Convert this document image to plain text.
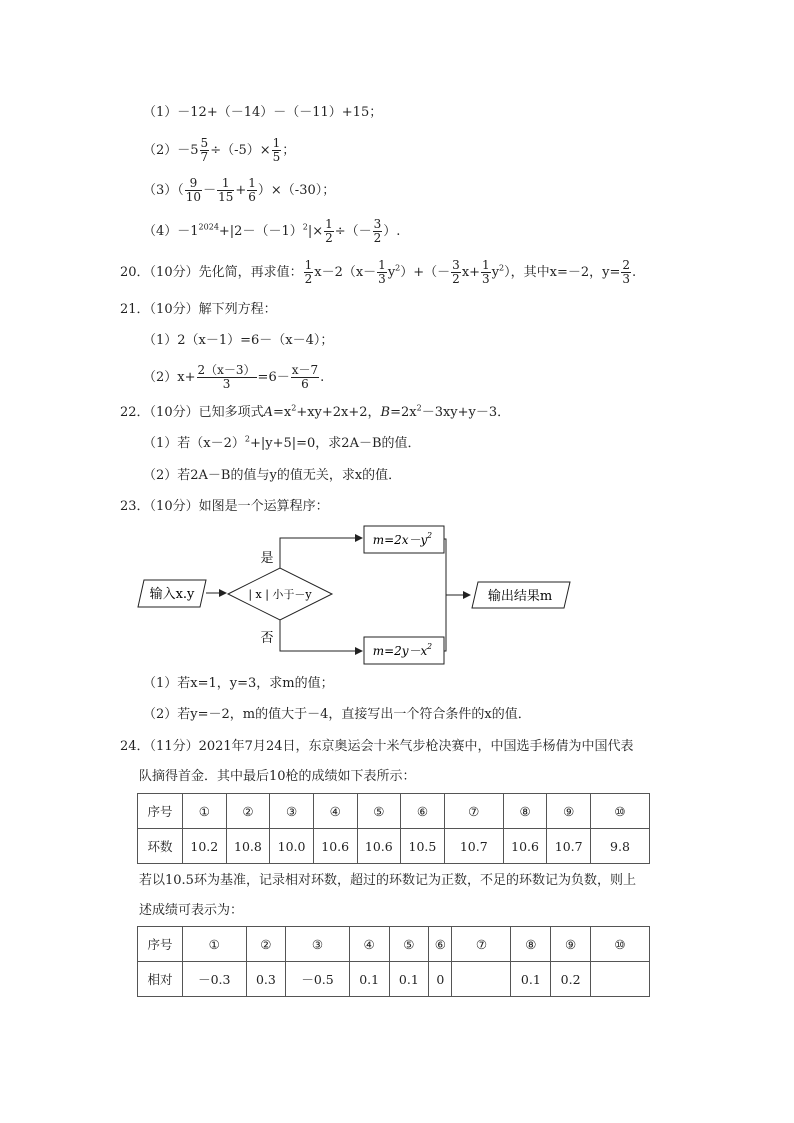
（1）－12+（－14）－（－11）+15；
$(2)-5 \frac{5}{7} \div(-5)\times \frac{1}{5}$ ；
$(3)( \frac{9}{10} - \frac{1}{15} + \frac{1}{6} )\times(-30)$；
$(4)-1^{2024}+|2-(-1)^2|\times \frac{1}{2}$ ÷（－ $\frac{3}{2}$ ）.
20．（10分）先化简，再求值： $\frac{1}{2} x-2(x- \frac{1}{3} y^2)+(- \frac{3}{2} x+ \frac{1}{3} y^2)$，其中x=－2，$y= \frac{2}{3}$ .
21．（10分）解下列方程：
（1）2（x－1）=6－（x－4）；
$(2)x+ \frac{2(x-3)}{3} =6- \frac{x-7}{6}$ .
22．（10分）已知多项式$A=x^2+xy+2x+2$，$B=2x^2-3xy+y-3$．
（1）若$(x-2)^2+|y+5|=0$，求2A－B的值．
（2）若2A－B的值与y的值无关，求x的值．
23．（10分）如图是一个运算程序：
输入x.y	| x | 小于－y
是
否
m=2x－y 2
m=2y－x 2
输出结果m
（1）若x=1，y=3，求m的值；
（2）若y=－2，m的值大于－4，直接写出一个符合条件的x的值．
24．（11分）2021年7月24日，东京奥运会十米气步枪决赛中，中国选手杨倩为中国代表
队摘得首金．其中最后10枪的成绩如下表所示：
序号	①	②	③	④	⑤	⑥	⑦	⑧	⑨	⑩
环数	10.2	10.8	10.0	10.6	10.6	10.5	10.7	10.6	10.7	9.8
若以10.5环为基准，记录相对环数，超过的环数记为正数，不足的环数记为负数，则上
述成绩可表示为：
序号	①	②	③	④	⑤	⑥	⑦	⑧	⑨	⑩
相对	－0.3	0.3	－0.5	0.1	0.1	0		0.1	0.2	
